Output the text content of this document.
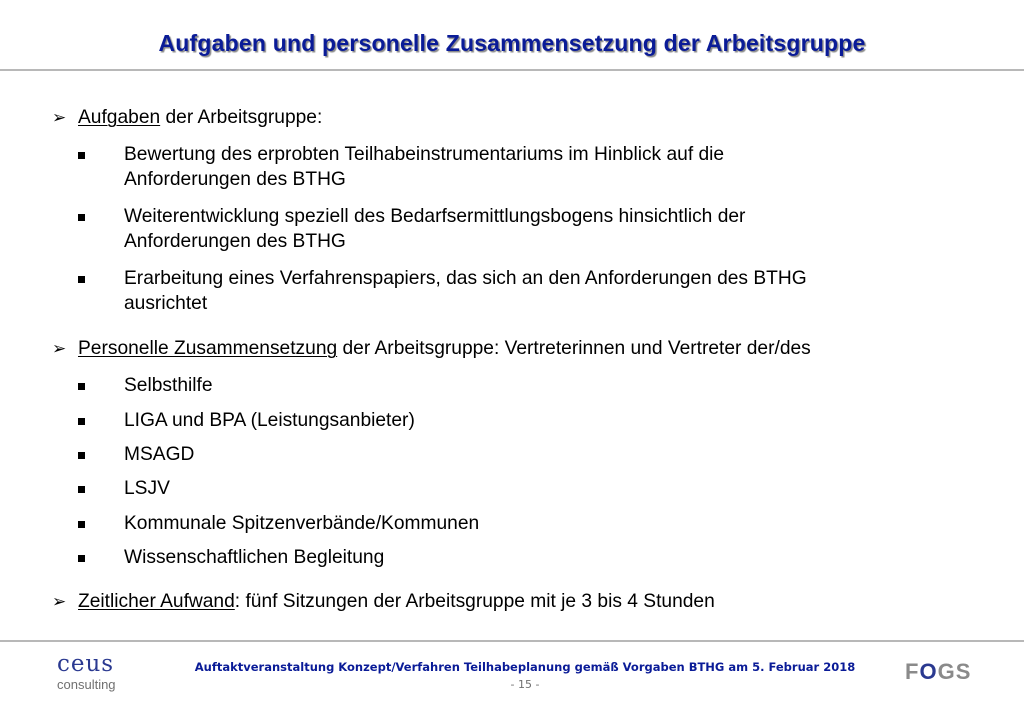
Aufgaben und personelle Zusammensetzung der Arbeitsgruppe
➢ Aufgaben der Arbeitsgruppe:
Bewertung des erprobten Teilhabeinstrumentariums im Hinblick auf die
Anforderungen des BTHG
Weiterentwicklung speziell des Bedarfsermittlungsbogens hinsichtlich der
Anforderungen des BTHG
Erarbeitung eines Verfahrenspapiers, das sich an den Anforderungen des BTHG
ausrichtet
➢ Personelle Zusammensetzung der Arbeitsgruppe: Vertreterinnen und Vertreter der/des
Selbsthilfe
LIGA und BPA (Leistungsanbieter)
MSAGD
LSJV
Kommunale Spitzenverbände/Kommunen
Wissenschaftlichen Begleitung
➢ Zeitlicher Aufwand: fünf Sitzungen der Arbeitsgruppe mit je 3 bis 4 Stunden
ceus
consulting
Auftaktveranstaltung Konzept/Verfahren Teilhabeplanung gemäß Vorgaben BTHG am 5. Februar 2018
- 15 -
FOGS
